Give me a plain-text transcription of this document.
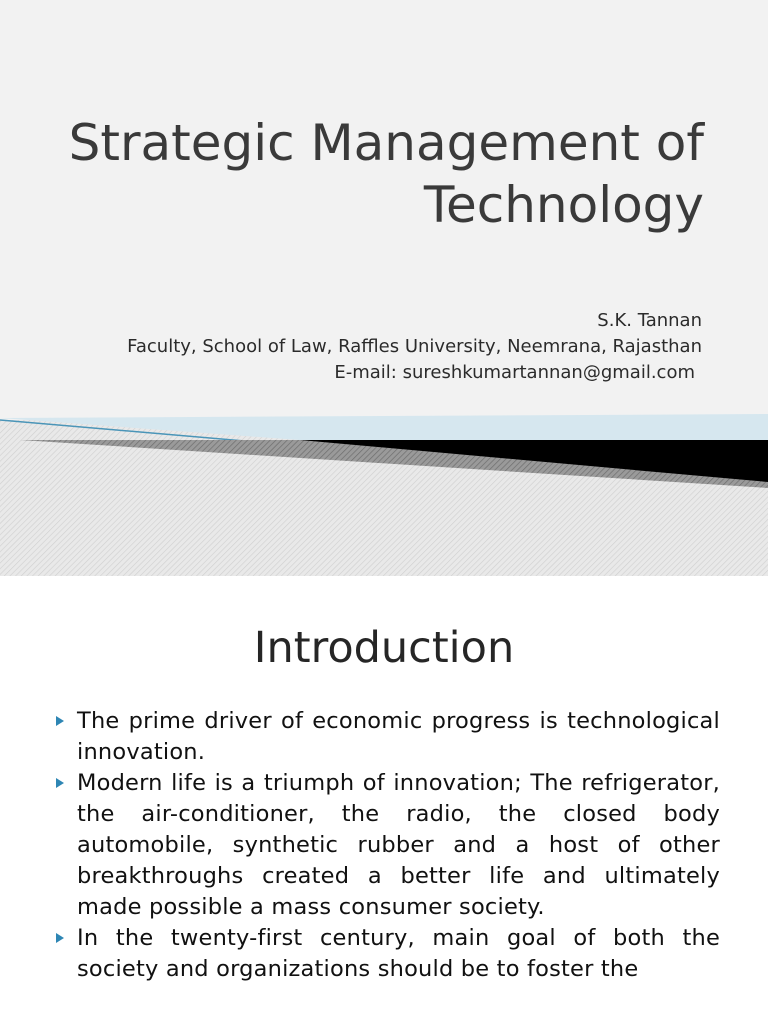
Strategic Management of
Technology
S.K. Tannan
Faculty, School of Law, Raffles University, Neemrana, Rajasthan
E-mail: sureshkumartannan@gmail.com
Introduction
The prime driver of economic progress is technological innovation.
Modern life is a triumph of innovation; The refrigerator, the air-conditioner, the radio, the closed body automobile, synthetic rubber and a host of other breakthroughs created a better life and ultimately made possible a mass consumer society.
In the twenty-first century, main goal of both the society and organizations should be to foster the
